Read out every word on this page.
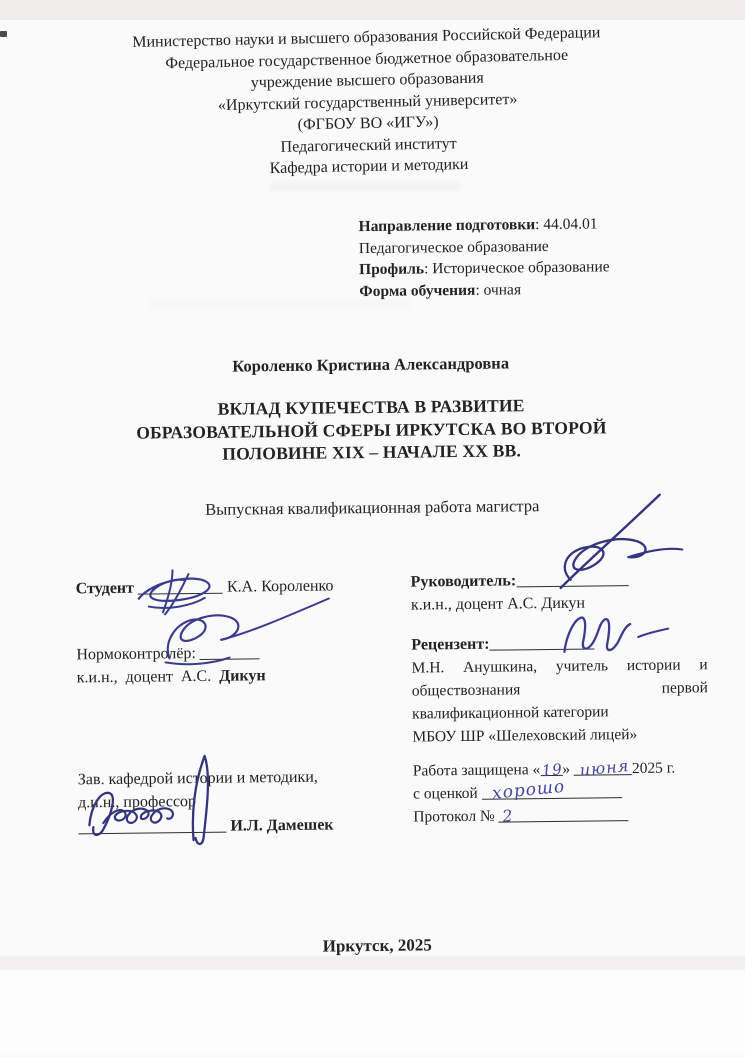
Министерство науки и высшего образования Российской Федерации
Федеральное государственное бюджетное образовательное
учреждение высшего образования
«Иркутский государственный университет»
(ФГБОУ ВО «ИГУ»)
Педагогический институт
Кафедра истории и методики
Направление подготовки: 44.04.01
Педагогическое образование
Профиль: Историческое образование
Форма обучения: очная
Короленко Кристина Александровна
ВКЛАД КУПЕЧЕСТВА В РАЗВИТИЕ
ОБРАЗОВАТЕЛЬНОЙ СФЕРЫ ИРКУТСКА ВО ВТОРОЙ
ПОЛОВИНЕ XIX – НАЧАЛЕ XX ВВ.
Выпускная квалификационная работа магистра
Студент	К.А. Короленко
Нормоконтролёр:
к.и.н., доцент А.С. Дикун
Зав. кафедрой истории и методики,
д.и.н., профессор
И.Л. Дамешек
Руководитель:
к.и.н., доцент А.С. Дикун
Рецензент:
М.Н. Анушкина, учитель истории и
обществознания первой
квалификационной категории
МБОУ ШР «Шелеховский лицей»
Работа защищена « 19
» июня 2025 г.
с оценкой хорошо
Протокол № 2
Иркутск, 2025
